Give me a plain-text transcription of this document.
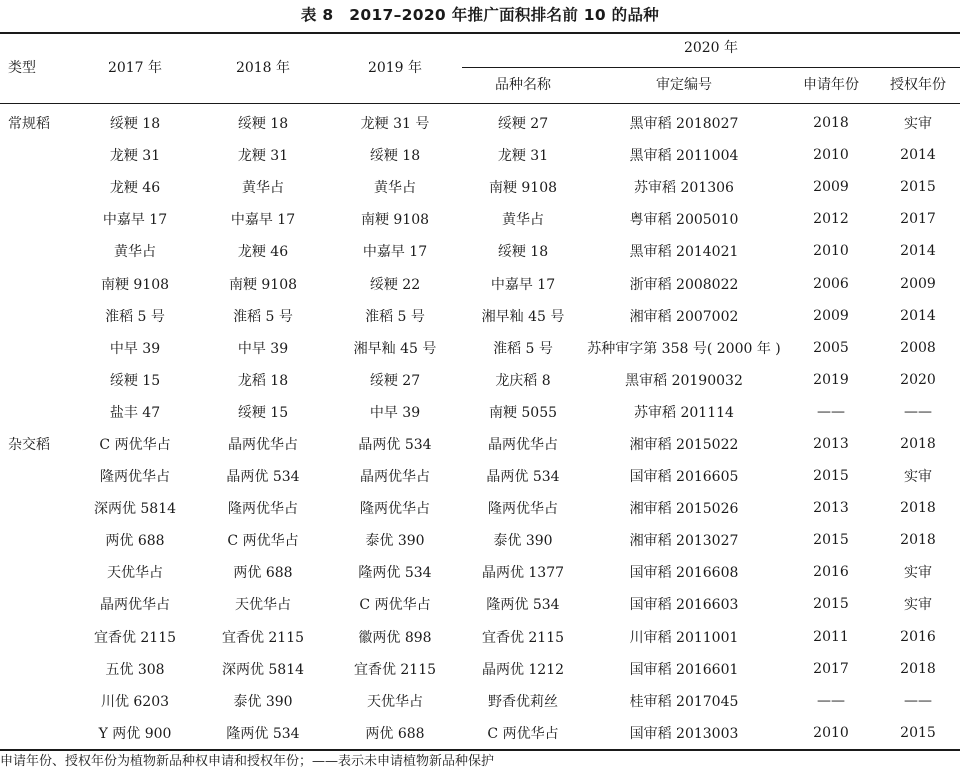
表 8　2017–2020 年推广面积排名前 10 的品种
类型	2017 年	2018 年	2019 年
2020 年
品种名称	审定编号	申请年份	授权年份
常规稻	绥粳 18	绥粳 18	龙粳 31 号	绥粳 27	黑审稻 2018027	2018	实审
	龙粳 31	龙粳 31	绥粳 18	龙粳 31	黑审稻 2011004	2010	2014
	龙粳 46	黄华占	黄华占	南粳 9108	苏审稻 201306	2009	2015
	中嘉早 17	中嘉早 17	南粳 9108	黄华占	粤审稻 2005010	2012	2017
	黄华占	龙粳 46	中嘉早 17	绥粳 18	黑审稻 2014021	2010	2014
	南粳 9108	南粳 9108	绥粳 22	中嘉早 17	浙审稻 2008022	2006	2009
	淮稻 5 号	淮稻 5 号	淮稻 5 号	湘早籼 45 号	湘审稻 2007002	2009	2014
	中早 39	中早 39	湘早籼 45 号	淮稻 5 号	苏种审字第 358 号( 2000 年 )	2005	2008
	绥粳 15	龙稻 18	绥粳 27	龙庆稻 8	黑审稻 20190032	2019	2020
	盐丰 47	绥粳 15	中早 39	南粳 5055	苏审稻 201114	——	——
杂交稻	C 两优华占	晶两优华占	晶两优 534	晶两优华占	湘审稻 2015022	2013	2018
	隆两优华占	晶两优 534	晶两优华占	晶两优 534	国审稻 2016605	2015	实审
	深两优 5814	隆两优华占	隆两优华占	隆两优华占	湘审稻 2015026	2013	2018
	两优 688	C 两优华占	泰优 390	泰优 390	湘审稻 2013027	2015	2018
	天优华占	两优 688	隆两优 534	晶两优 1377	国审稻 2016608	2016	实审
	晶两优华占	天优华占	C 两优华占	隆两优 534	国审稻 2016603	2015	实审
	宜香优 2115	宜香优 2115	徽两优 898	宜香优 2115	川审稻 2011001	2011	2016
	五优 308	深两优 5814	宜香优 2115	晶两优 1212	国审稻 2016601	2017	2018
	川优 6203	泰优 390	天优华占	野香优莉丝	桂审稻 2017045	——	——
	Y 两优 900	隆两优 534	两优 688	C 两优华占	国审稻 2013003	2010	2015
申请年份、授权年份为植物新品种权申请和授权年份；——表示未申请植物新品种保护
